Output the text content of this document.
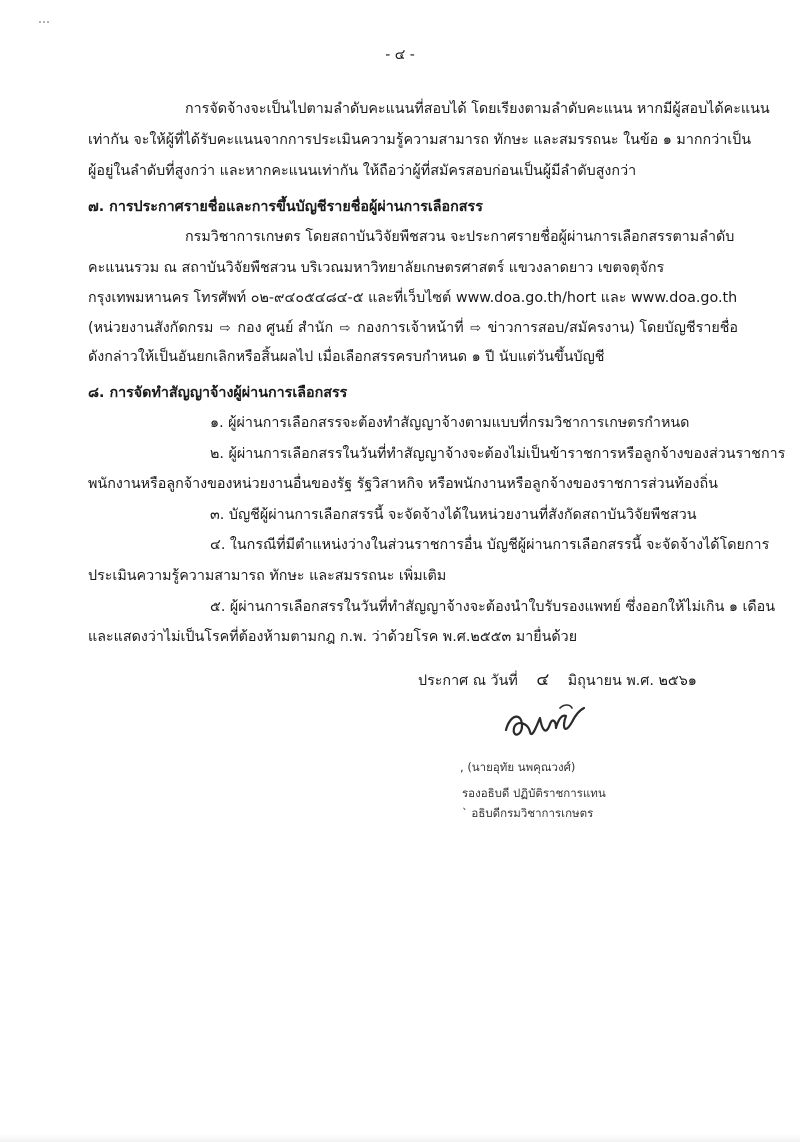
- ๔ -
การจัดจ้างจะเป็นไปตามลำดับคะแนนที่สอบได้ โดยเรียงตามลำดับคะแนน หากมีผู้สอบได้คะแนน
เท่ากัน จะให้ผู้ที่ได้รับคะแนนจากการประเมินความรู้ความสามารถ ทักษะ และสมรรถนะ ในข้อ ๑ มากกว่าเป็น
ผู้อยู่ในลำดับที่สูงกว่า และหากคะแนนเท่ากัน ให้ถือว่าผู้ที่สมัครสอบก่อนเป็นผู้มีลำดับสูงกว่า
๗. การประกาศรายชื่อและการขึ้นบัญชีรายชื่อผู้ผ่านการเลือกสรร
กรมวิชาการเกษตร โดยสถาบันวิจัยพืชสวน จะประกาศรายชื่อผู้ผ่านการเลือกสรรตามลำดับ
คะแนนรวม ณ สถาบันวิจัยพืชสวน บริเวณมหาวิทยาลัยเกษตรศาสตร์ แขวงลาดยาว เขตจตุจักร
กรุงเทพมหานคร โทรศัพท์ ๐๒-๙๔๐๕๔๘๔-๕ และที่เว็บไซต์ www.doa.go.th/hort และ www.doa.go.th
(หน่วยงานสังกัดกรม ⇨ กอง ศูนย์ สำนัก ⇨ กองการเจ้าหน้าที่ ⇨ ข่าวการสอบ/สมัครงาน) โดยบัญชีรายชื่อ
ดังกล่าวให้เป็นอันยกเลิกหรือสิ้นผลไป เมื่อเลือกสรรครบกำหนด ๑ ปี นับแต่วันขึ้นบัญชี
๘. การจัดทำสัญญาจ้างผู้ผ่านการเลือกสรร
๑. ผู้ผ่านการเลือกสรรจะต้องทำสัญญาจ้างตามแบบที่กรมวิชาการเกษตรกำหนด
๒. ผู้ผ่านการเลือกสรรในวันที่ทำสัญญาจ้างจะต้องไม่เป็นข้าราชการหรือลูกจ้างของส่วนราชการ
พนักงานหรือลูกจ้างของหน่วยงานอื่นของรัฐ รัฐวิสาหกิจ หรือพนักงานหรือลูกจ้างของราชการส่วนท้องถิ่น
๓. บัญชีผู้ผ่านการเลือกสรรนี้ จะจัดจ้างได้ในหน่วยงานที่สังกัดสถาบันวิจัยพืชสวน
๔. ในกรณีที่มีตำแหน่งว่างในส่วนราชการอื่น บัญชีผู้ผ่านการเลือกสรรนี้ จะจัดจ้างได้โดยการ
ประเมินความรู้ความสามารถ ทักษะ และสมรรถนะ เพิ่มเติม
๕. ผู้ผ่านการเลือกสรรในวันที่ทำสัญญาจ้างจะต้องนำใบรับรองแพทย์ ซึ่งออกให้ไม่เกิน ๑ เดือน
และแสดงว่าไม่เป็นโรคที่ต้องห้ามตามกฎ ก.พ. ว่าด้วยโรค พ.ศ.๒๕๕๓ มายื่นด้วย
ประกาศ ณ วันที่ ๔ มิถุนายน พ.ศ. ๒๕๖๑
, (นายอุทัย นพคุณวงศ์)
รองอธิบดี ปฏิบัติราชการแทน
` อธิบดีกรมวิชาการเกษตร
